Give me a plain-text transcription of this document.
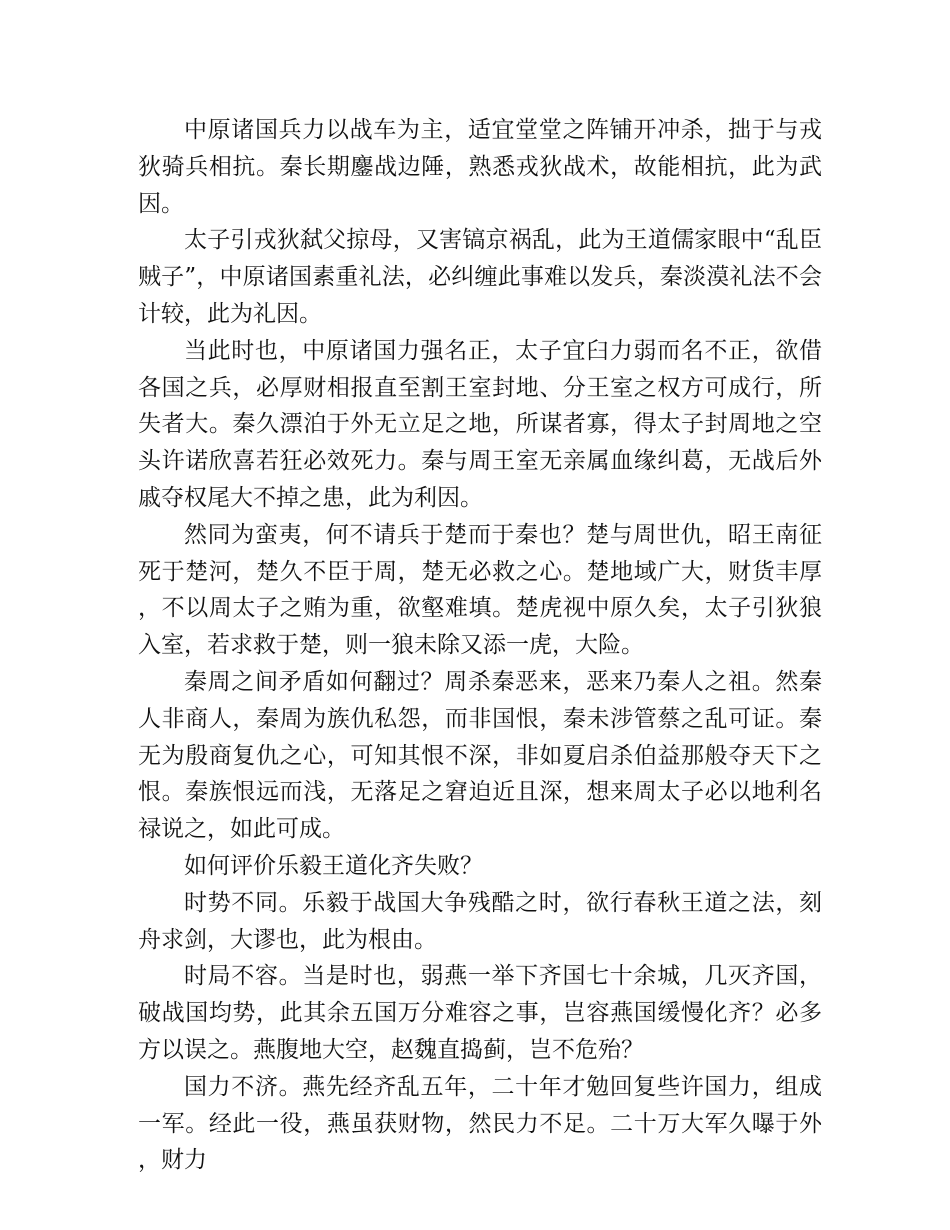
中原诸国兵力以战车为主，适宜堂堂之阵铺开冲杀，拙于与戎狄骑兵相抗。秦长期鏖战边陲，熟悉戎狄战术，故能相抗，此为武因。

太子引戎狄弑父掠母，又害镐京祸乱，此为王道儒家眼中“乱臣贼子”，中原诸国素重礼法，必纠缠此事难以发兵，秦淡漠礼法不会计较，此为礼因。

当此时也，中原诸国力强名正，太子宜臼力弱而名不正，欲借各国之兵，必厚财相报直至割王室封地、分王室之权方可成行，所失者大。秦久漂泊于外无立足之地，所谋者寡，得太子封周地之空头许诺欣喜若狂必效死力。秦与周王室无亲属血缘纠葛，无战后外戚夺权尾大不掉之患，此为利因。

然同为蛮夷，何不请兵于楚而于秦也？楚与周世仇，昭王南征死于楚河，楚久不臣于周，楚无必救之心。楚地域广大，财货丰厚，不以周太子之贿为重，欲壑难填。楚虎视中原久矣，太子引狄狼入室，若求救于楚，则一狼未除又添一虎，大险。

秦周之间矛盾如何翻过？周杀秦恶来，恶来乃秦人之祖。然秦人非商人，秦周为族仇私怨，而非国恨，秦未涉管蔡之乱可证。秦无为殷商复仇之心，可知其恨不深，非如夏启杀伯益那般夺天下之恨。秦族恨远而浅，无落足之窘迫近且深，想来周太子必以地利名禄说之，如此可成。

如何评价乐毅王道化齐失败？

时势不同。乐毅于战国大争残酷之时，欲行春秋王道之法，刻舟求剑，大谬也，此为根由。

时局不容。当是时也，弱燕一举下齐国七十余城，几灭齐国，破战国均势，此其余五国万分难容之事，岂容燕国缓慢化齐？必多方以误之。燕腹地大空，赵魏直捣蓟，岂不危殆？

国力不济。燕先经齐乱五年，二十年才勉回复些许国力，组成一军。经此一役，燕虽获财物，然民力不足。二十万大军久曝于外，财力
